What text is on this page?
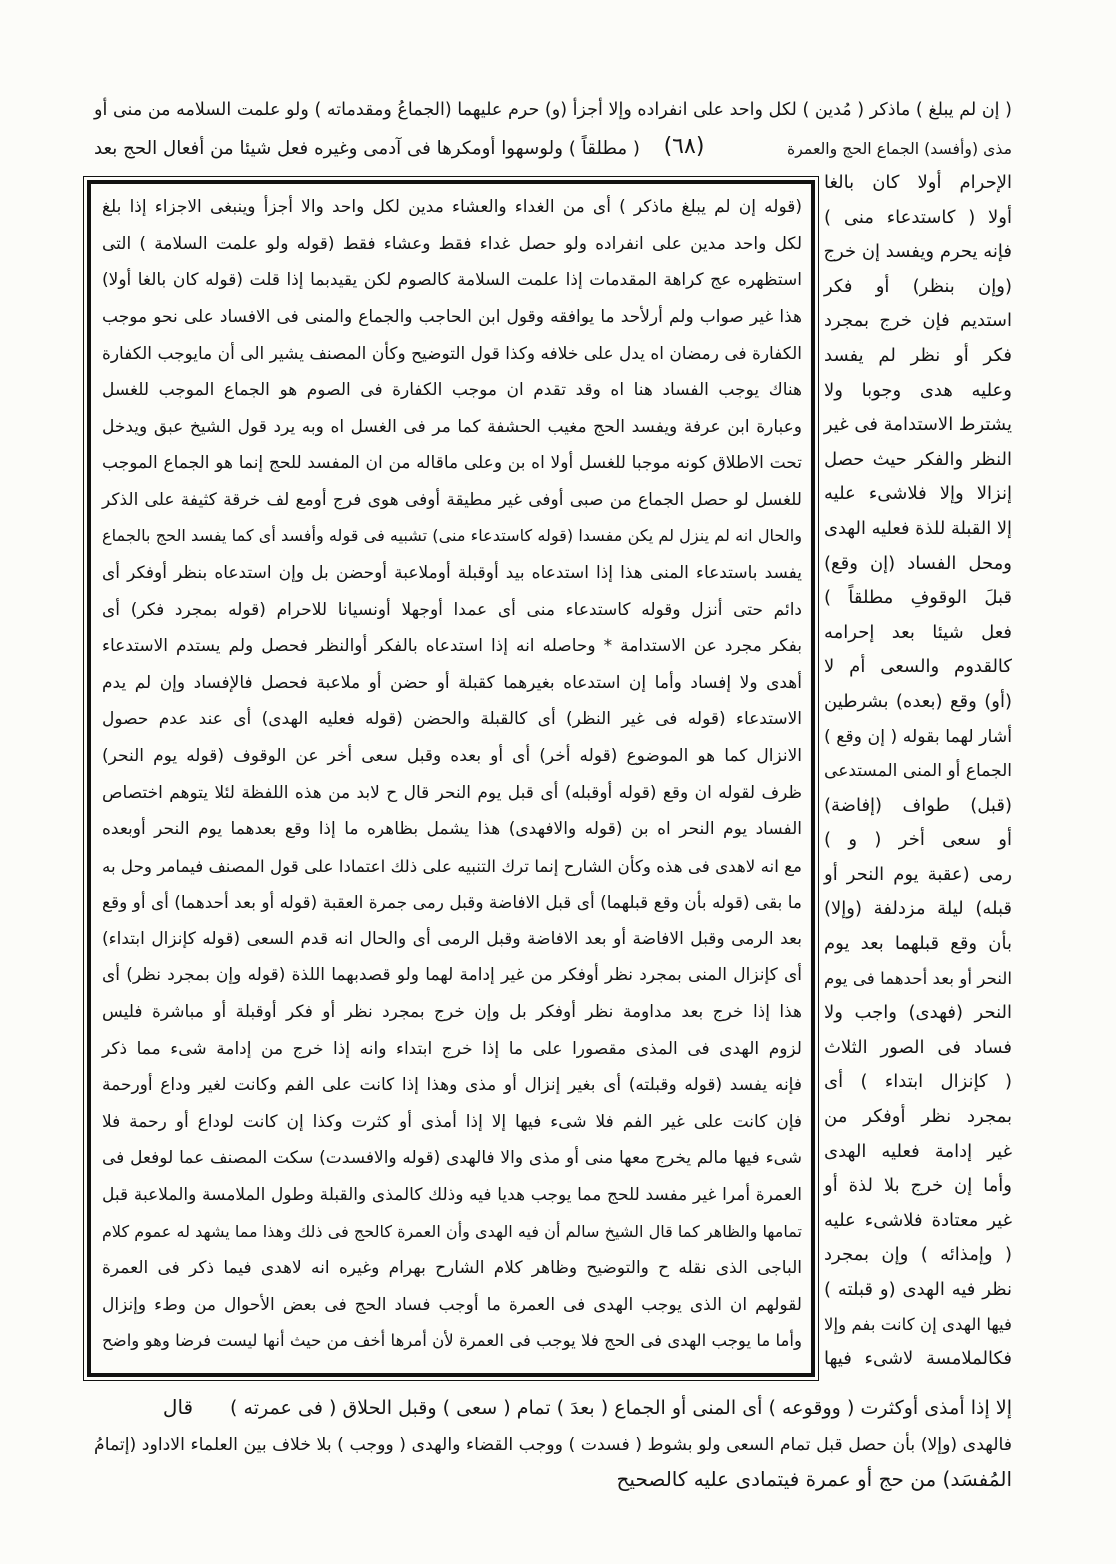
( إن لم يبلغ ) ماذكر ( مُدين ) لكل واحد على انفراده وإلا أجزأ (و) حرم عليهما (الجماعُ ومقدماته ) ولو علمت السلامه من منى أو
مذى (وأفسد) الجماع الحج والعمرة
(٦٨)
( مطلقاً ) ولوسهوا أومكرها فى آدمى وغيره فعل شيئا من أفعال الحج بعد
الإحرام أولا كان بالغا
أولا ( كاستدعاء منى )
فإنه يحرم ويفسد إن خرج
(وإن بنظر) أو فكر
استديم فإن خرج بمجرد
فكر أو نظر لم يفسد
وعليه هدى وجوبا ولا
يشترط الاستدامة فى غير
النظر والفكر حيث حصل
إنزالا وإلا فلاشىء عليه
إلا القبلة للذة فعليه الهدى
ومحل الفساد (إن وقع)
قبلَ الوقوفِ مطلقاً )
فعل شيئا بعد إحرامه
كالقدوم والسعى أم لا
(أو) وقع (بعده) بشرطين
أشار لهما بقوله ( إن وقع )
الجماع أو المنى المستدعى
(قبل) طواف (إفاضة)
أو سعى أخر ( و )
رمى (عقبة يوم النحر أو
قبله) ليلة مزدلفة (وإلا)
بأن وقع قبلهما بعد يوم
النحر أو بعد أحدهما فى يوم
النحر (فهدى) واجب ولا
فساد فى الصور الثلاث
( كإنزال ابتداء ) أى
بمجرد نظر أوفكر من
غير إدامة فعليه الهدى
وأما إن خرج بلا لذة أو
غير معتادة فلاشىء عليه
( وإمذائه ) وإن بمجرد
نظر فيه الهدى (و قبلته )
فيها الهدى إن كانت بفم وإلا
فكالملامسة لاشىء فيها
(قوله إن لم يبلغ ماذكر ) أى من الغداء والعشاء مدين لكل واحد والا أجزأ وينبغى الاجزاء إذا بلغ
لكل واحد مدين على انفراده ولو حصل غداء فقط وعشاء فقط (قوله ولو علمت السلامة ) التى
استظهره عج كراهة المقدمات إذا علمت السلامة كالصوم لكن يقيدبما إذا قلت (قوله كان بالغا أولا)
هذا غير صواب ولم أرلأحد ما يوافقه وقول ابن الحاجب والجماع والمنى فى الافساد على نحو موجب
الكفارة فى رمضان اه يدل على خلافه وكذا قول التوضيح وكأن المصنف يشير الى أن مايوجب الكفارة
هناك يوجب الفساد هنا اه وقد تقدم ان موجب الكفارة فى الصوم هو الجماع الموجب للغسل
وعبارة ابن عرفة ويفسد الحج مغيب الحشفة كما مر فى الغسل اه وبه يرد قول الشيخ عبق ويدخل
تحت الاطلاق كونه موجبا للغسل أولا اه بن وعلى ماقاله من ان المفسد للحج إنما هو الجماع الموجب
للغسل لو حصل الجماع من صبى أوفى غير مطيقة أوفى هوى فرج أومع لف خرقة كثيفة على الذكر
والحال انه لم ينزل لم يكن مفسدا (قوله كاستدعاء منى) تشبيه فى قوله وأفسد أى كما يفسد الحج بالجماع
يفسد باستدعاء المنى هذا إذا استدعاه بيد أوقبلة أوملاعبة أوحضن بل وإن استدعاه بنظر أوفكر أى
دائم حتى أنزل وقوله كاستدعاء منى أى عمدا أوجهلا أونسيانا للاحرام (قوله بمجرد فكر) أى
بفكر مجرد عن الاستدامة * وحاصله انه إذا استدعاه بالفكر أوالنظر فحصل ولم يستدم الاستدعاء
أهدى ولا إفساد وأما إن استدعاه بغيرهما كقبلة أو حضن أو ملاعبة فحصل فالإفساد وإن لم يدم
الاستدعاء (قوله فى غير النظر) أى كالقبلة والحضن (قوله فعليه الهدى) أى عند عدم حصول
الانزال كما هو الموضوع (قوله أخر) أى أو بعده وقبل سعى أخر عن الوقوف (قوله يوم النحر)
ظرف لقوله ان وقع (قوله أوقبله) أى قبل يوم النحر قال ح لابد من هذه اللفظة لئلا يتوهم اختصاص
الفساد يوم النحر اه بن (قوله والافهدى) هذا يشمل بظاهره ما إذا وقع بعدهما يوم النحر أوبعده
مع انه لاهدى فى هذه وكأن الشارح إنما ترك التنبيه على ذلك اعتمادا على قول المصنف فيمامر وحل به
ما بقى (قوله بأن وقع قبلهما) أى قبل الافاضة وقبل رمى جمرة العقبة (قوله أو بعد أحدهما) أى أو وقع
بعد الرمى وقبل الافاضة أو بعد الافاضة وقبل الرمى أى والحال انه قدم السعى (قوله كإنزال ابتداء)
أى كإنزال المنى بمجرد نظر أوفكر من غير إدامة لهما ولو قصدبهما اللذة (قوله وإن بمجرد نظر) أى
هذا إذا خرج بعد مداومة نظر أوفكر بل وإن خرج بمجرد نظر أو فكر أوقبلة أو مباشرة فليس
لزوم الهدى فى المذى مقصورا على ما إذا خرج ابتداء وانه إذا خرج من إدامة شىء مما ذكر
فإنه يفسد (قوله وقبلته) أى بغير إنزال أو مذى وهذا إذا كانت على الفم وكانت لغير وداع أورحمة
فإن كانت على غير الفم فلا شىء فيها إلا إذا أمذى أو كثرت وكذا إن كانت لوداع أو رحمة فلا
شىء فيها مالم يخرج معها منى أو مذى والا فالهدى (قوله والافسدت) سكت المصنف عما لوفعل فى
العمرة أمرا غير مفسد للحج مما يوجب هديا فيه وذلك كالمذى والقبلة وطول الملامسة والملاعبة قبل
تمامها والظاهر كما قال الشيخ سالم أن فيه الهدى وأن العمرة كالحج فى ذلك وهذا مما يشهد له عموم كلام
الباجى الذى نقله ح والتوضيح وظاهر كلام الشارح بهرام وغيره انه لاهدى فيما ذكر فى العمرة
لقولهم ان الذى يوجب الهدى فى العمرة ما أوجب فساد الحج فى بعض الأحوال من وطء وإنزال
وأما ما يوجب الهدى فى الحج فلا يوجب فى العمرة لأن أمرها أخف من حيث أنها ليست فرضا وهو واضح
إلا إذا أمذى أوكثرت ( ووقوعه ) أى المنى أو الجماع ( بعدَ ) تمام ( سعى ) وقبل الحلاق ( فى عمرته )
قال
فالهدى (وإلا) بأن حصل قبل تمام السعى ولو بشوط ( فسدت ) ووجب القضاء والهدى ( ووجب ) بلا خلاف بين العلماء الاداود (إتمامُ
المُفسَد) من حج أو عمرة فيتمادى عليه كالصحيح
